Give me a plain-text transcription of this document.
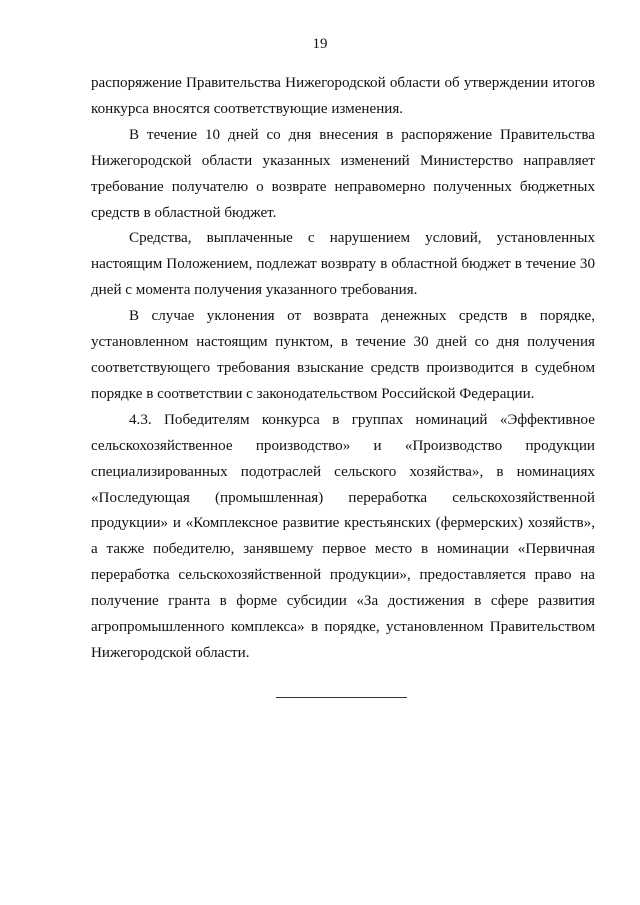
19

распоряжение Правительства Нижегородской области об утверждении итогов конкурса вносятся соответствующие изменения.

В течение 10 дней со дня внесения в распоряжение Правительства Нижегородской области указанных изменений Министерство направляет требование получателю о возврате неправомерно полученных бюджетных средств в областной бюджет.

Средства, выплаченные с нарушением условий, установленных настоящим Положением, подлежат возврату в областной бюджет в течение 30 дней с момента получения указанного требования.

В случае уклонения от возврата денежных средств в порядке, установленном настоящим пунктом, в течение 30 дней со дня получения соответствующего требования взыскание средств производится в судебном порядке в соответствии с законодательством Российской Федерации.

4.3. Победителям конкурса в группах номинаций «Эффективное сельскохозяйственное производство» и «Производство продукции специализированных подотраслей сельского хозяйства», в номинациях «Последующая (промышленная) переработка сельскохозяйственной продукции» и «Комплексное развитие крестьянских (фермерских) хозяйств», а также победителю, занявшему первое место в номинации «Первичная переработка сельскохозяйственной продукции», предоставляется право на получение гранта в форме субсидии «За достижения в сфере развития агропромышленного комплекса» в порядке, установленном Правительством Нижегородской области.
